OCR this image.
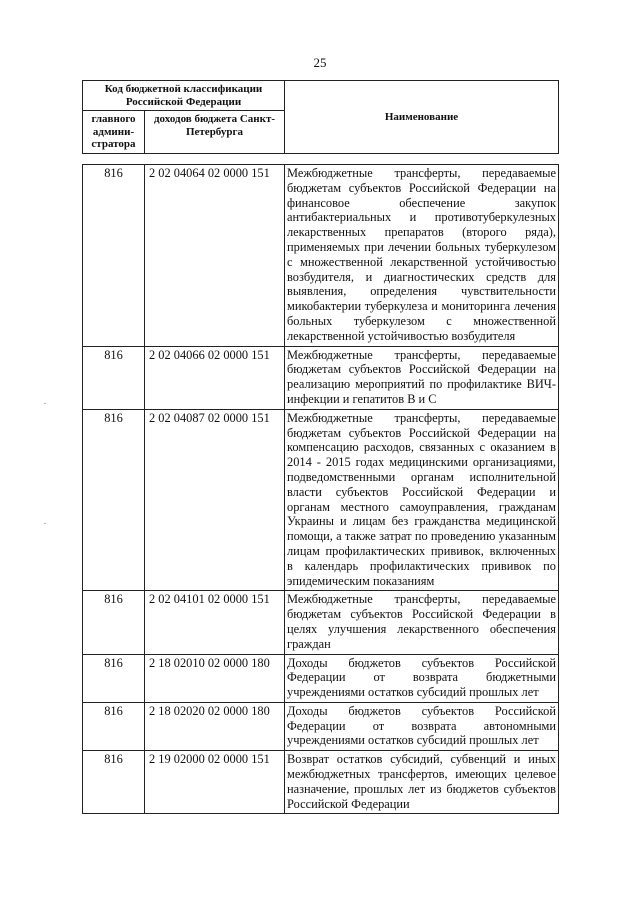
25
▪
▪
Код бюджетной классификации Российской Федерации		Наименование
главного админи-стратора	доходов бюджета Санкт-Петербурга	
816	2 02 04064 02 0000 151	Межбюджетные трансферты, передаваемые бюджетам субъектов Российской Федерации на финансовое обеспечение закупок антибактериальных и противотуберкулезных лекарственных препаратов (второго ряда), применяемых при лечении больных туберкулезом с множественной лекарственной устойчивостью возбудителя, и диагностических средств для выявления, определения чувствительности микобактерии туберкулеза и мониторинга лечения больных туберкулезом с множественной лекарственной устойчивостью возбудителя
816	2 02 04066 02 0000 151	Межбюджетные трансферты, передаваемые бюджетам субъектов Российской Федерации на реализацию мероприятий по профилактике ВИЧ-инфекции и гепатитов В и С
816	2 02 04087 02 0000 151	Межбюджетные трансферты, передаваемые бюджетам субъектов Российской Федерации на компенсацию расходов, связанных с оказанием в 2014 - 2015 годах медицинскими организациями, подведомственными органам исполнительной власти субъектов Российской Федерации и органам местного самоуправления, гражданам Украины и лицам без гражданства медицинской помощи, а также затрат по проведению указанным лицам профилактических прививок, включенных в календарь профилактических прививок по эпидемическим показаниям
816	2 02 04101 02 0000 151	Межбюджетные трансферты, передаваемые бюджетам субъектов Российской Федерации в целях улучшения лекарственного обеспечения граждан
816	2 18 02010 02 0000 180	Доходы бюджетов субъектов Российской Федерации от возврата бюджетными учреждениями остатков субсидий прошлых лет
816	2 18 02020 02 0000 180	Доходы бюджетов субъектов Российской Федерации от возврата автономными учреждениями остатков субсидий прошлых лет
816	2 19 02000 02 0000 151	Возврат остатков субсидий, субвенций и иных межбюджетных трансфертов, имеющих целевое назначение, прошлых лет из бюджетов субъектов Российской Федерации
